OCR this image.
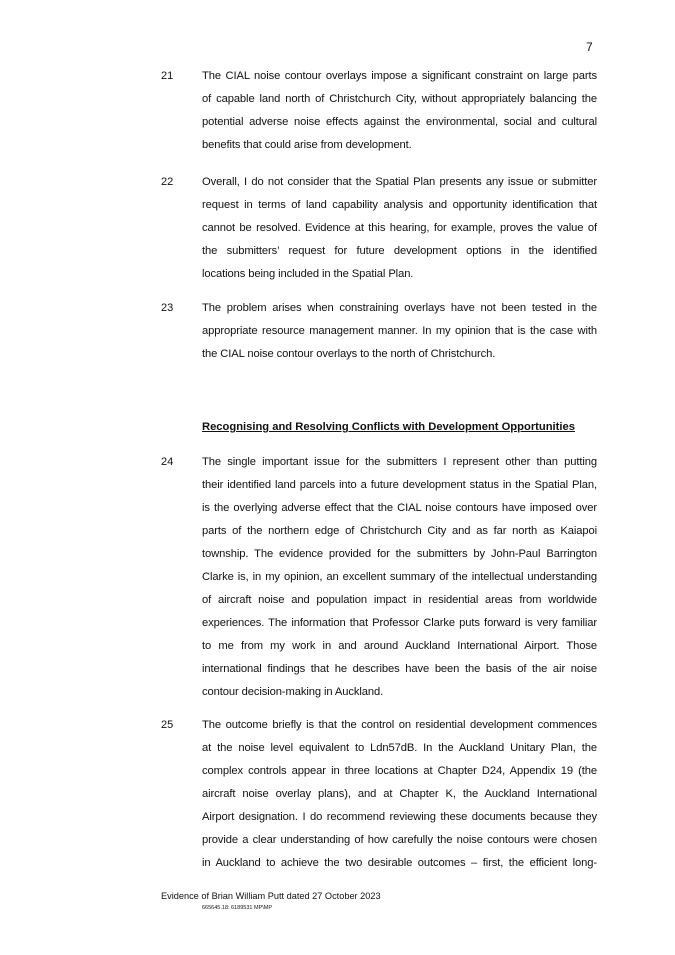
7
21	The CIAL noise contour overlays impose a significant constraint on large parts
of capable land north of Christchurch City, without appropriately balancing the
potential adverse noise effects against the environmental, social and cultural
benefits that could arise from development.
22	Overall, I do not consider that the Spatial Plan presents any issue or submitter
request in terms of land capability analysis and opportunity identification that
cannot be resolved. Evidence at this hearing, for example, proves the value of
the submitters’ request for future development options in the identified
locations being included in the Spatial Plan.
23	The problem arises when constraining overlays have not been tested in the
appropriate resource management manner. In my opinion that is the case with
the CIAL noise contour overlays to the north of Christchurch.
Recognising and Resolving Conflicts with Development Opportunities
24	The single important issue for the submitters I represent other than putting
their identified land parcels into a future development status in the Spatial Plan,
is the overlying adverse effect that the CIAL noise contours have imposed over
parts of the northern edge of Christchurch City and as far north as Kaiapoi
township. The evidence provided for the submitters by John-Paul Barrington
Clarke is, in my opinion, an excellent summary of the intellectual understanding
of aircraft noise and population impact in residential areas from worldwide
experiences. The information that Professor Clarke puts forward is very familiar
to me from my work in and around Auckland International Airport. Those
international findings that he describes have been the basis of the air noise
contour decision-making in Auckland.
25	The outcome briefly is that the control on residential development commences
at the noise level equivalent to Ldn57dB. In the Auckland Unitary Plan, the
complex controls appear in three locations at Chapter D24, Appendix 19 (the
aircraft noise overlay plans), and at Chapter K, the Auckland International
Airport designation. I do recommend reviewing these documents because they
provide a clear understanding of how carefully the noise contours were chosen
in Auckland to achieve the two desirable outcomes – first, the efficient long-
Evidence of Brian William Putt dated 27 October 2023
665645.18: 6189531 MP\MP
